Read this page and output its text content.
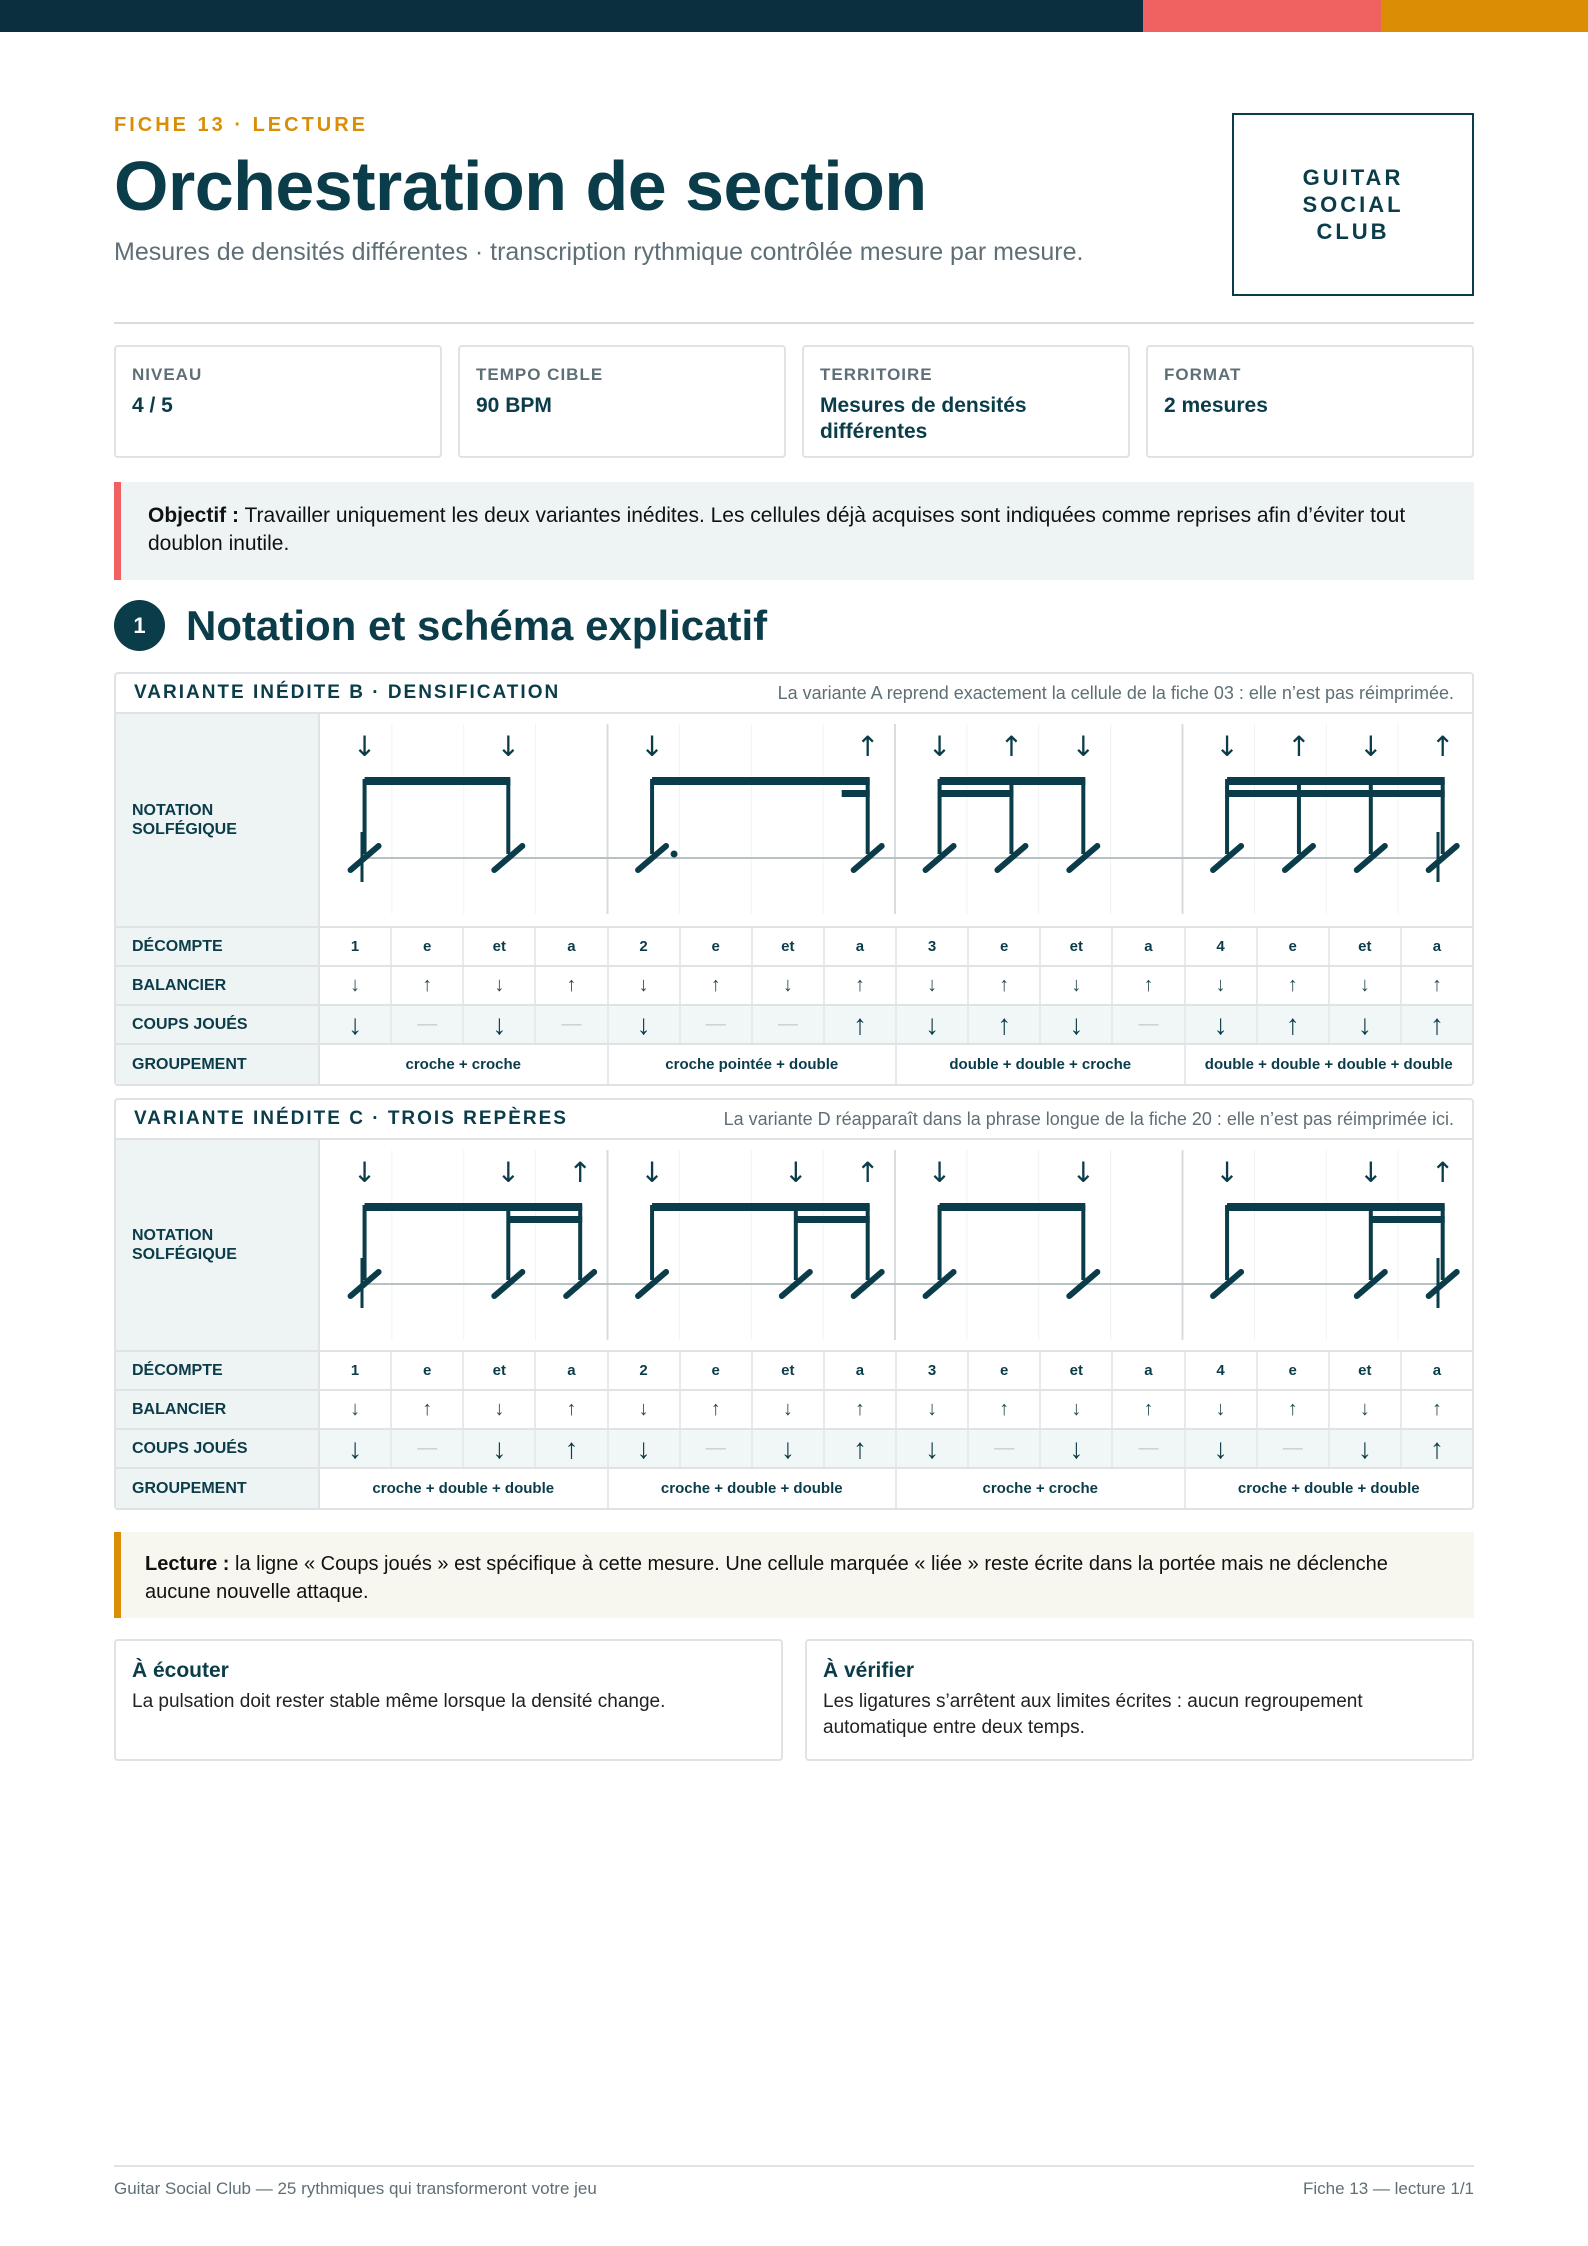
FICHE 13 · LECTURE
Orchestration de section
Mesures de densités différentes · transcription rythmique contrôlée mesure par mesure.
GUITAR SOCIAL CLUB
NIVEAU
4 / 5
TEMPO CIBLE
90 BPM
TERRITOIRE
Mesures de densités différentes
FORMAT
2 mesures
Objectif : Travailler uniquement les deux variantes inédites. Les cellules déjà acquises sont indiquées comme reprises afin d’éviter tout doublon inutile.
1 Notation et schéma explicatif
VARIANTE INÉDITE B · DENSIFICATION	La variante A reprend exactement la cellule de la fiche 03 : elle n’est pas réimprimée.
NOTATION SOLFÉGIQUE
↓	↓	↓	↑ ↓ ↑ ↓	↓ ↑ ↓ ↑
DÉCOMPTE	1	e	et	a	2	e	et	a	3	e	et	a	4	e	et	a
BALANCIER	↓	↑	↓	↑	↓	↑	↓	↑	↓	↑	↓	↑	↓	↑	↓	↑
COUPS JOUÉS	↓	—	↓	—	↓	—	—	↑	↓	↑	↓	—	↓	↑	↓	↑
GROUPEMENT	croche + croche	croche pointée + double	double + double + croche	double + double + double + double
VARIANTE INÉDITE C · TROIS REPÈRES	La variante D réapparaît dans la phrase longue de la fiche 20 : elle n’est pas réimprimée ici.
NOTATION SOLFÉGIQUE
↓	↓ ↑ ↓	↓ ↑ ↓	↓	↓	↓ ↑
DÉCOMPTE	1	e	et	a	2	e	et	a	3	e	et	a	4	e	et	a
BALANCIER	↓	↑	↓	↑	↓	↑	↓	↑	↓	↑	↓	↑	↓	↑	↓	↑
COUPS JOUÉS	↓	—	↓	↑	↓	—	↓	↑	↓	—	↓	—	↓	—	↓	↑
GROUPEMENT	croche + double + double	croche + double + double	croche + croche	croche + double + double
Lecture : la ligne « Coups joués » est spécifique à cette mesure. Une cellule marquée « liée » reste écrite dans la portée mais ne déclenche aucune nouvelle attaque.
À écouter
La pulsation doit rester stable même lorsque la densité change.
À vérifier
Les ligatures s’arrêtent aux limites écrites : aucun regroupement automatique entre deux temps.
Guitar Social Club — 25 rythmiques qui transformeront votre jeu	Fiche 13 — lecture 1/1
